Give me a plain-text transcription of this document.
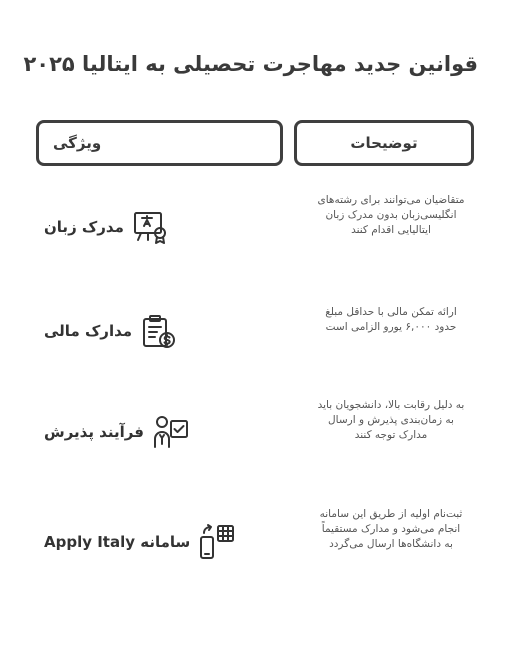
قوانین جدید مهاجرت تحصیلی به ایتالیا ۲۰۲۵
توضیحات
ویژگی
متقاضیان می‌توانند برای رشته‌های انگلیسی‌زبان بدون مدرک زبان ایتالیایی اقدام کنند
مدرک زبان
ارائه تمکن مالی با حداقل مبلغ حدود ۶,۰۰۰ یورو الزامی است
مدارک مالی
به دلیل رقابت بالا، دانشجویان باید به زمان‌بندی پذیرش و ارسال مدارک توجه کنند
فرآیند پذیرش
ثبت‌نام اولیه از طریق این سامانه انجام می‌شود و مدارک مستقیماً به دانشگاه‌ها ارسال می‌گردد
سامانه Apply Italy
